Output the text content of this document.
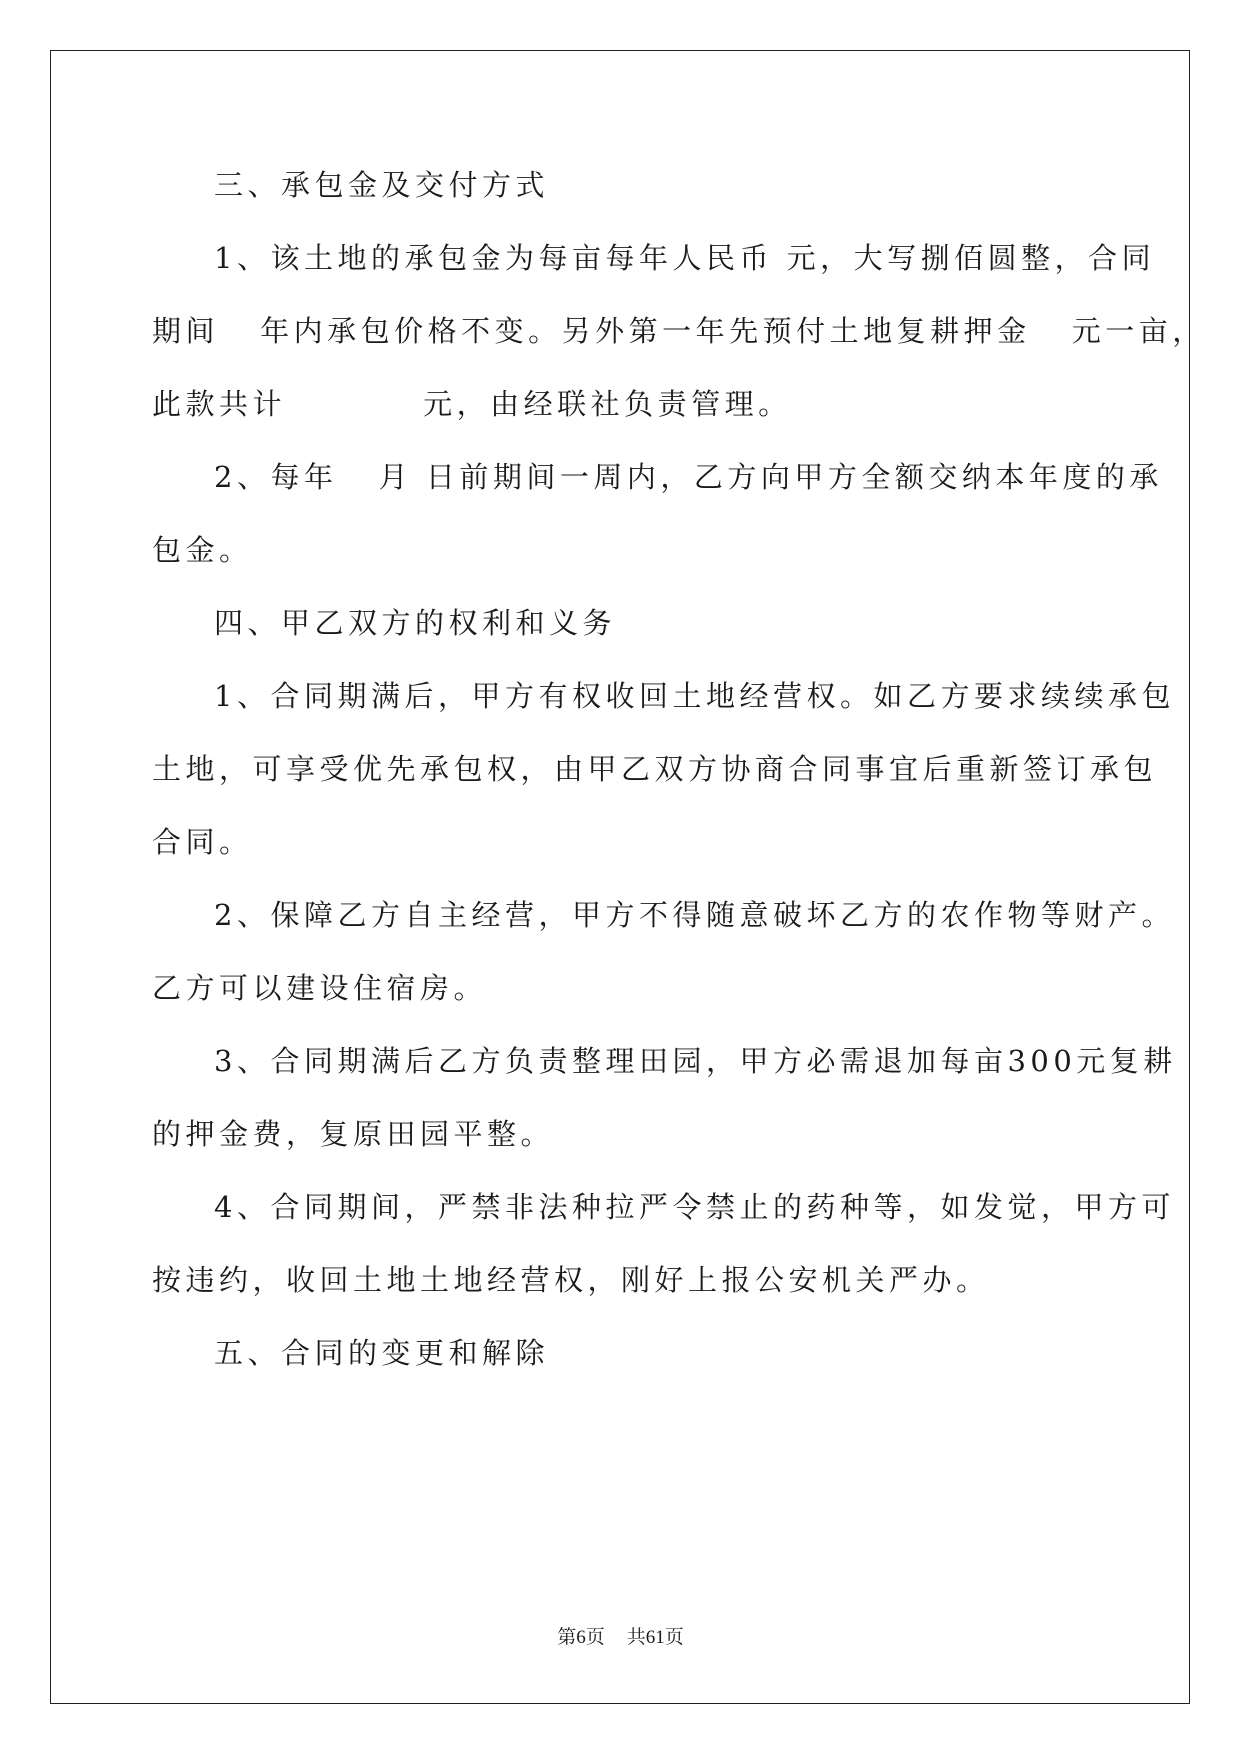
三、承包金及交付方式
1、该土地的承包金为每亩每年人民币 元，大写捌佰圆整，合同
期间   年内承包价格不变。另外第一年先预付土地复耕押金   元一亩，
此款共计          元，由经联社负责管理。
2、每年   月 日前期间一周内，乙方向甲方全额交纳本年度的承
包金。
四、甲乙双方的权利和义务
1、合同期满后，甲方有权收回土地经营权。如乙方要求续续承包
土地，可享受优先承包权，由甲乙双方协商合同事宜后重新签订承包
合同。
2、保障乙方自主经营，甲方不得随意破坏乙方的农作物等财产。
乙方可以建设住宿房。
3、合同期满后乙方负责整理田园，甲方必需退加每亩300元复耕
的押金费，复原田园平整。
4、合同期间，严禁非法种拉严令禁止的药种等，如发觉，甲方可
按违约，收回土地土地经营权，刚好上报公安机关严办。
五、合同的变更和解除
第6页 共61页
